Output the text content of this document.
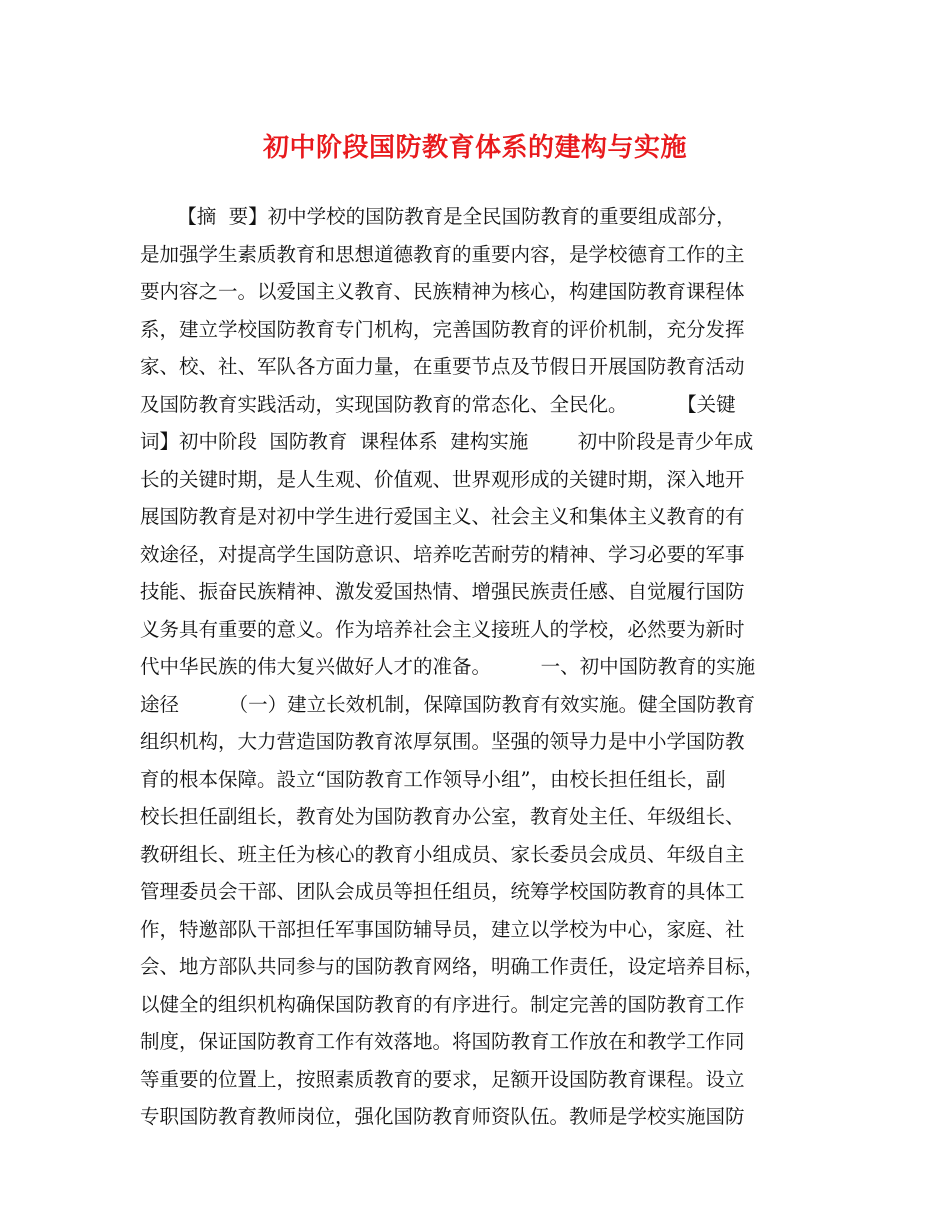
初中阶段国防教育体系的建构与实施
【摘  要】初中学校的国防教育是全民国防教育的重要组成部分，
是加强学生素质教育和思想道德教育的重要内容，是学校德育工作的主
要内容之一。以爱国主义教育、民族精神为核心，构建国防教育课程体
系，建立学校国防教育专门机构，完善国防教育的评价机制，充分发挥
家、校、社、军队各方面力量，在重要节点及节假日开展国防教育活动
及国防教育实践活动，实现国防教育的常态化、全民化。        【关键
词】初中阶段  国防教育  课程体系  建构实施        初中阶段是青少年成
长的关键时期，是人生观、价值观、世界观形成的关键时期，深入地开
展国防教育是对初中学生进行爱国主义、社会主义和集体主义教育的有
效途径，对提高学生国防意识、培养吃苦耐劳的精神、学习必要的军事
技能、振奋民族精神、激发爱国热情、增强民族责任感、自觉履行国防
义务具有重要的意义。作为培养社会主义接班人的学校，必然要为新时
代中华民族的伟大复兴做好人才的准备。        一、初中国防教育的实施
途径        （一）建立长效机制，保障国防教育有效实施。健全国防教育
组织机构，大力营造国防教育浓厚氛围。坚强的领导力是中小学国防教
育的根本保障。設立“国防教育工作领导小组”，由校长担任组长，副
校长担任副组长，教育处为国防教育办公室，教育处主任、年级组长、
教研组长、班主任为核心的教育小组成员、家长委员会成员、年级自主
管理委员会干部、团队会成员等担任组员，统筹学校国防教育的具体工
作，特邀部队干部担任军事国防辅导员，建立以学校为中心，家庭、社
会、地方部队共同参与的国防教育网络，明确工作责任，设定培养目标，
以健全的组织机构确保国防教育的有序进行。制定完善的国防教育工作
制度，保证国防教育工作有效落地。将国防教育工作放在和教学工作同
等重要的位置上，按照素质教育的要求，足额开设国防教育课程。设立
专职国防教育教师岗位，强化国防教育师资队伍。教师是学校实施国防
